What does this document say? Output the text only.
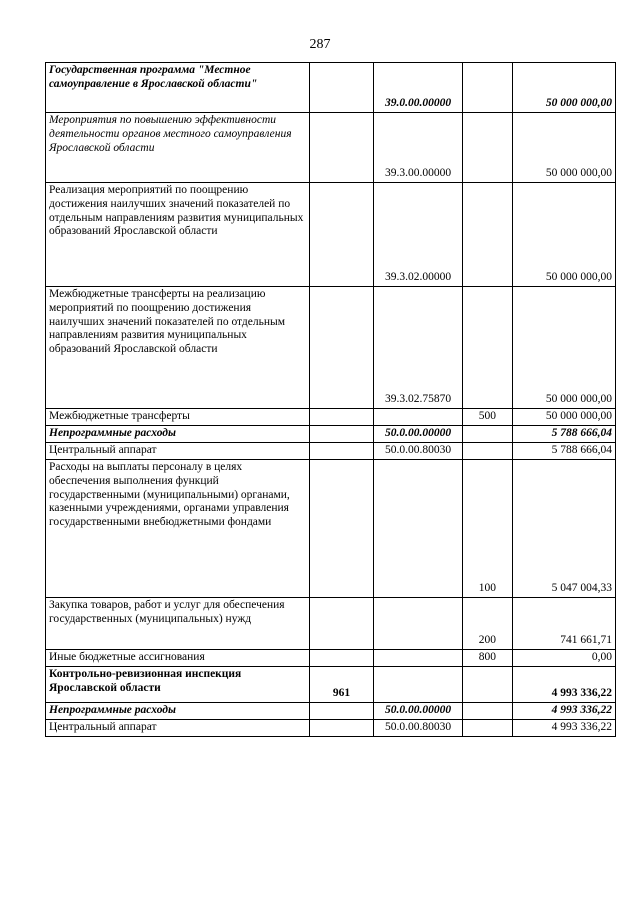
287
Государственная программа "Местное самоуправление в Ярославской области"		39.0.00.00000		50 000 000,00
Мероприятия по повышению эффективности деятельности органов местного самоуправления Ярославской области		39.3.00.00000		50 000 000,00
Реализация мероприятий по поощрению достижения наилучших значений показателей по отдельным направлениям развития муниципальных образований Ярославской области		39.3.02.00000		50 000 000,00
Межбюджетные трансферты на реализацию мероприятий по поощрению достижения наилучших значений показателей по отдельным направлениям развития муниципальных образований Ярославской области		39.3.02.75870		50 000 000,00
Межбюджетные трансферты			500	50 000 000,00
Непрограммные расходы		50.0.00.00000		5 788 666,04
Центральный аппарат		50.0.00.80030		5 788 666,04
Расходы на выплаты персоналу в целях обеспечения выполнения функций государственными (муниципальными) органами, казенными учреждениями, органами управления государственными внебюджетными фондами			100	5 047 004,33
Закупка товаров, работ и услуг для обеспечения государственных (муниципальных) нужд			200	741 661,71
Иные бюджетные ассигнования			800	0,00
Контрольно-ревизионная инспекция Ярославской области	961			4 993 336,22
Непрограммные расходы		50.0.00.00000		4 993 336,22
Центральный аппарат		50.0.00.80030		4 993 336,22
